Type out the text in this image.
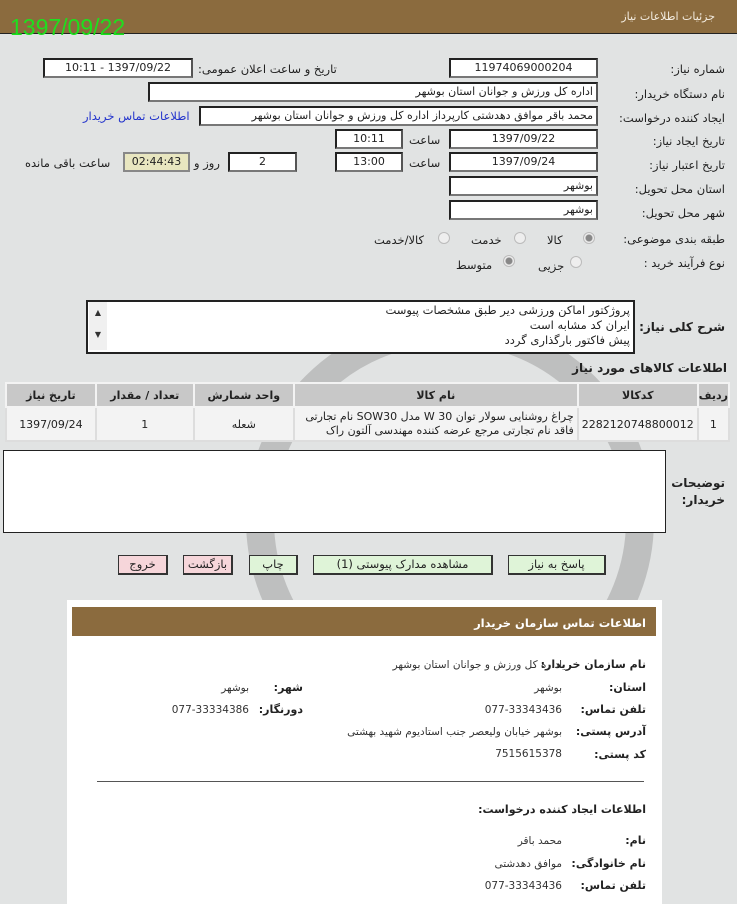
جزئیات اطلاعات نیاز
1397/09/22
شماره نیاز:
11974069000204
تاریخ و ساعت اعلان عمومی:
1397/09/22 - 10:11
نام دستگاه خریدار:
اداره کل ورزش و جوانان استان بوشهر
ایجاد کننده درخواست:
محمد باقر موافق دهدشتی کارپرداز اداره کل ورزش و جوانان استان بوشهر
اطلاعات تماس خریدار
تاریخ ایجاد نیاز:
1397/09/22
ساعت
10:11
تاریخ اعتبار نیاز:
1397/09/24
ساعت
13:00
2
روز و
02:44:43
ساعت باقی مانده
استان محل تحویل:
بوشهر
شهر محل تحویل:
بوشهر
طبقه بندی موضوعی:
کالا
خدمت
کالا/خدمت
نوع فرآیند خرید :
جزیی
متوسط
شرح کلی نیاز:
پروژکتور اماکن ورزشی دیر طبق مشخصات پیوست
ایران کد مشابه است
پیش فاکتور بارگذاری گردد
▲
▼
اطلاعات کالاهای مورد نیاز
ردیف	کدکالا	نام کالا	واحد شمارش	تعداد / مقدار	تاریخ نیاز
1	2282120748800012	چراغ روشنایی سولار توان W 30 مدل SOW30 نام تجارتی فاقد نام تجارتی مرجع عرضه کننده مهندسی آلتون راک	شعله	1	1397/09/24
توضیحات خریدار:
پاسخ به نیاز
مشاهده مدارک پیوستی (1)
چاپ
بازگشت
خروج
اطلاعات تماس سازمان خریدار
نام سازمان خریدار:
اداره کل ورزش و جوانان استان بوشهر
استان:
بوشهر
شهر:
بوشهر
تلفن تماس:
077-33343436
دورنگار:
077-33334386
آدرس پستی:
بوشهر خیابان ولیعصر جنب استادیوم شهید بهشتی
کد پستی:
7515615378
اطلاعات ایجاد کننده درخواست:
نام:
محمد باقر
نام خانوادگی:
موافق دهدشتی
تلفن تماس:
077-33343436
